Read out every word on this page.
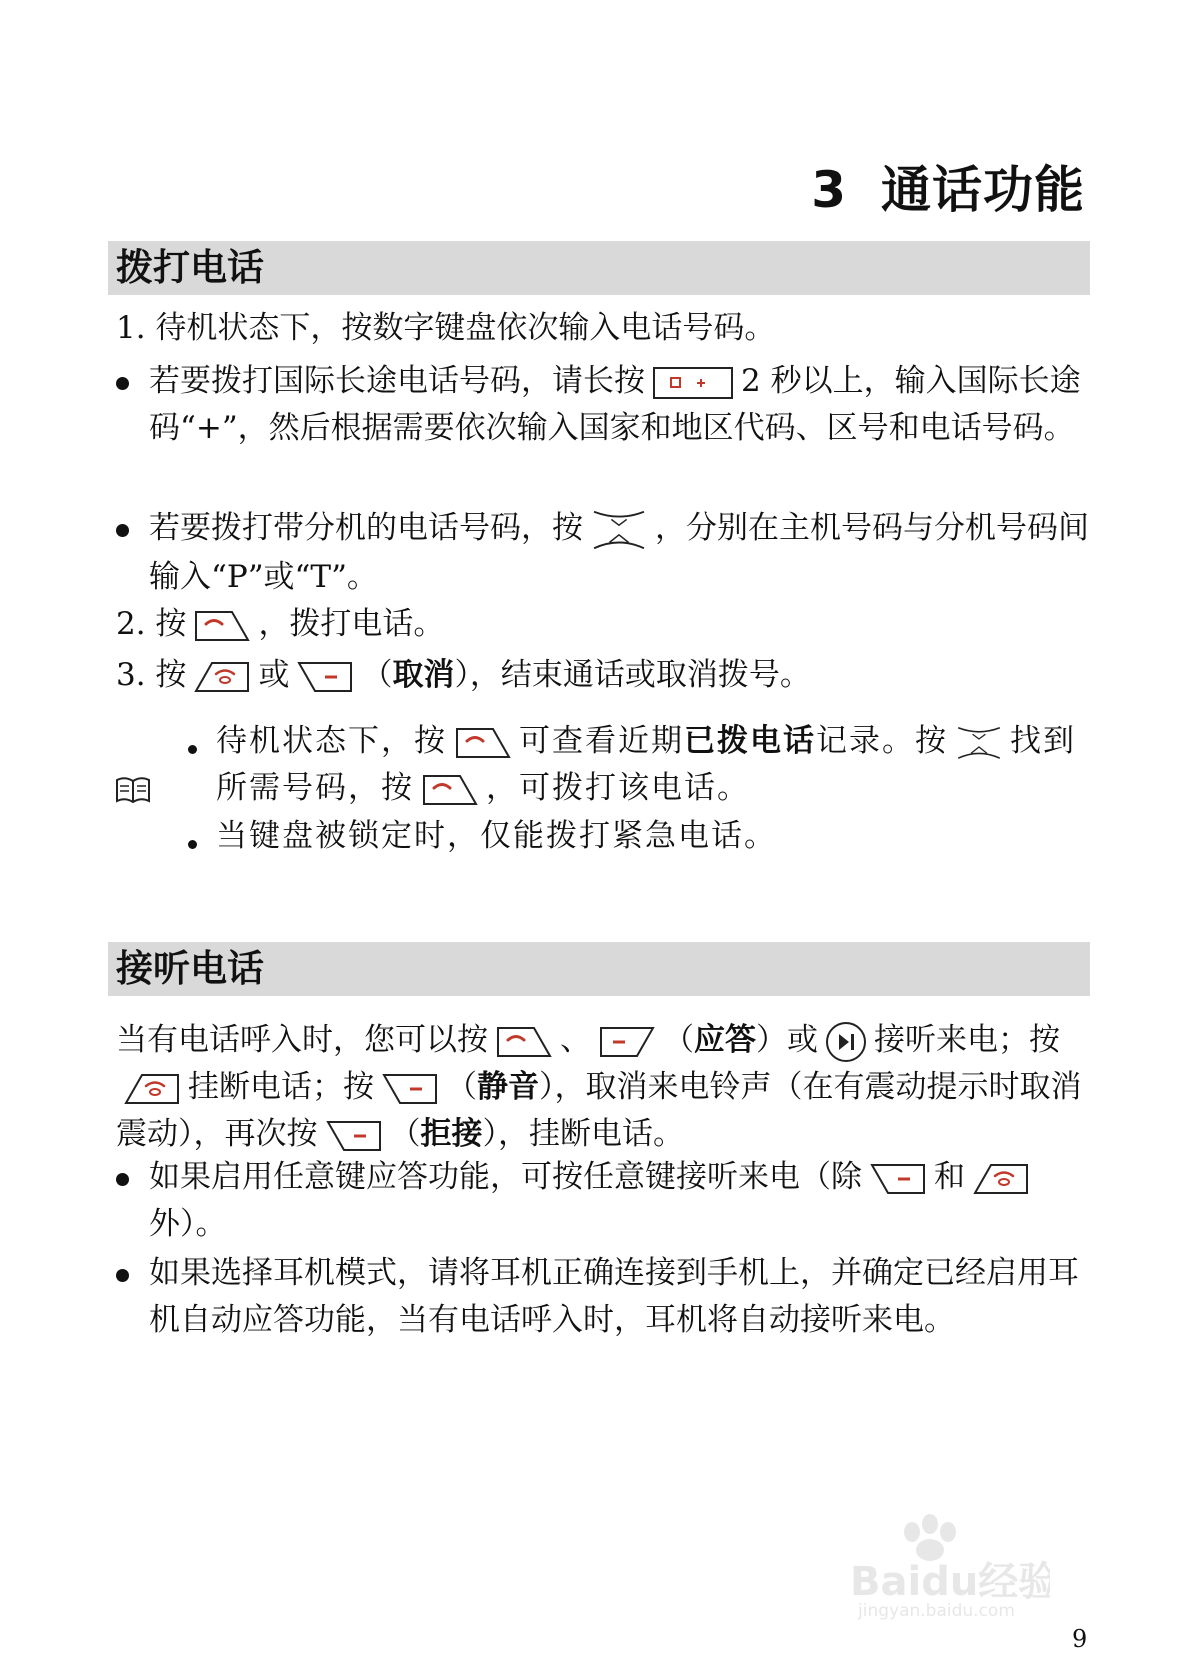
3 通话功能
拨打电话

1. 待机状态下，按数字键盘依次输入电话号码。

若要拨打国际长途电话号码，请长按	2 秒以上，输入国际长途码“+”，然后根据需要依次输入国家和地区代码、区号和电话号码。

若要拨打带分机的电话号码，按 ，分别在主机号码与分机号码间输入“P”或“T”。

2. 按 ，拨打电话。

3. 按 或 （取消），结束通话或取消拨号。

待机状态下，按 可查看近期已拨电话记录。按 找到所需号码，按 ，可拨打该电话。

当键盘被锁定时，仅能拨打紧急电话。

接听电话

当有电话呼入时，您可以按 、 （应答）或 接听来电；按
挂断电话；按 （静音），取消来电铃声（在有震动提示时取消震动），再次按 （拒接），挂断电话。

如果启用任意键应答功能，可按任意键接听来电（除 和
外）。

如果选择耳机模式，请将耳机正确连接到手机上，并确定已经启用耳机自动应答功能，当有电话呼入时，耳机将自动接听来电。

Baidu经验
jingyan.baidu.com

9
